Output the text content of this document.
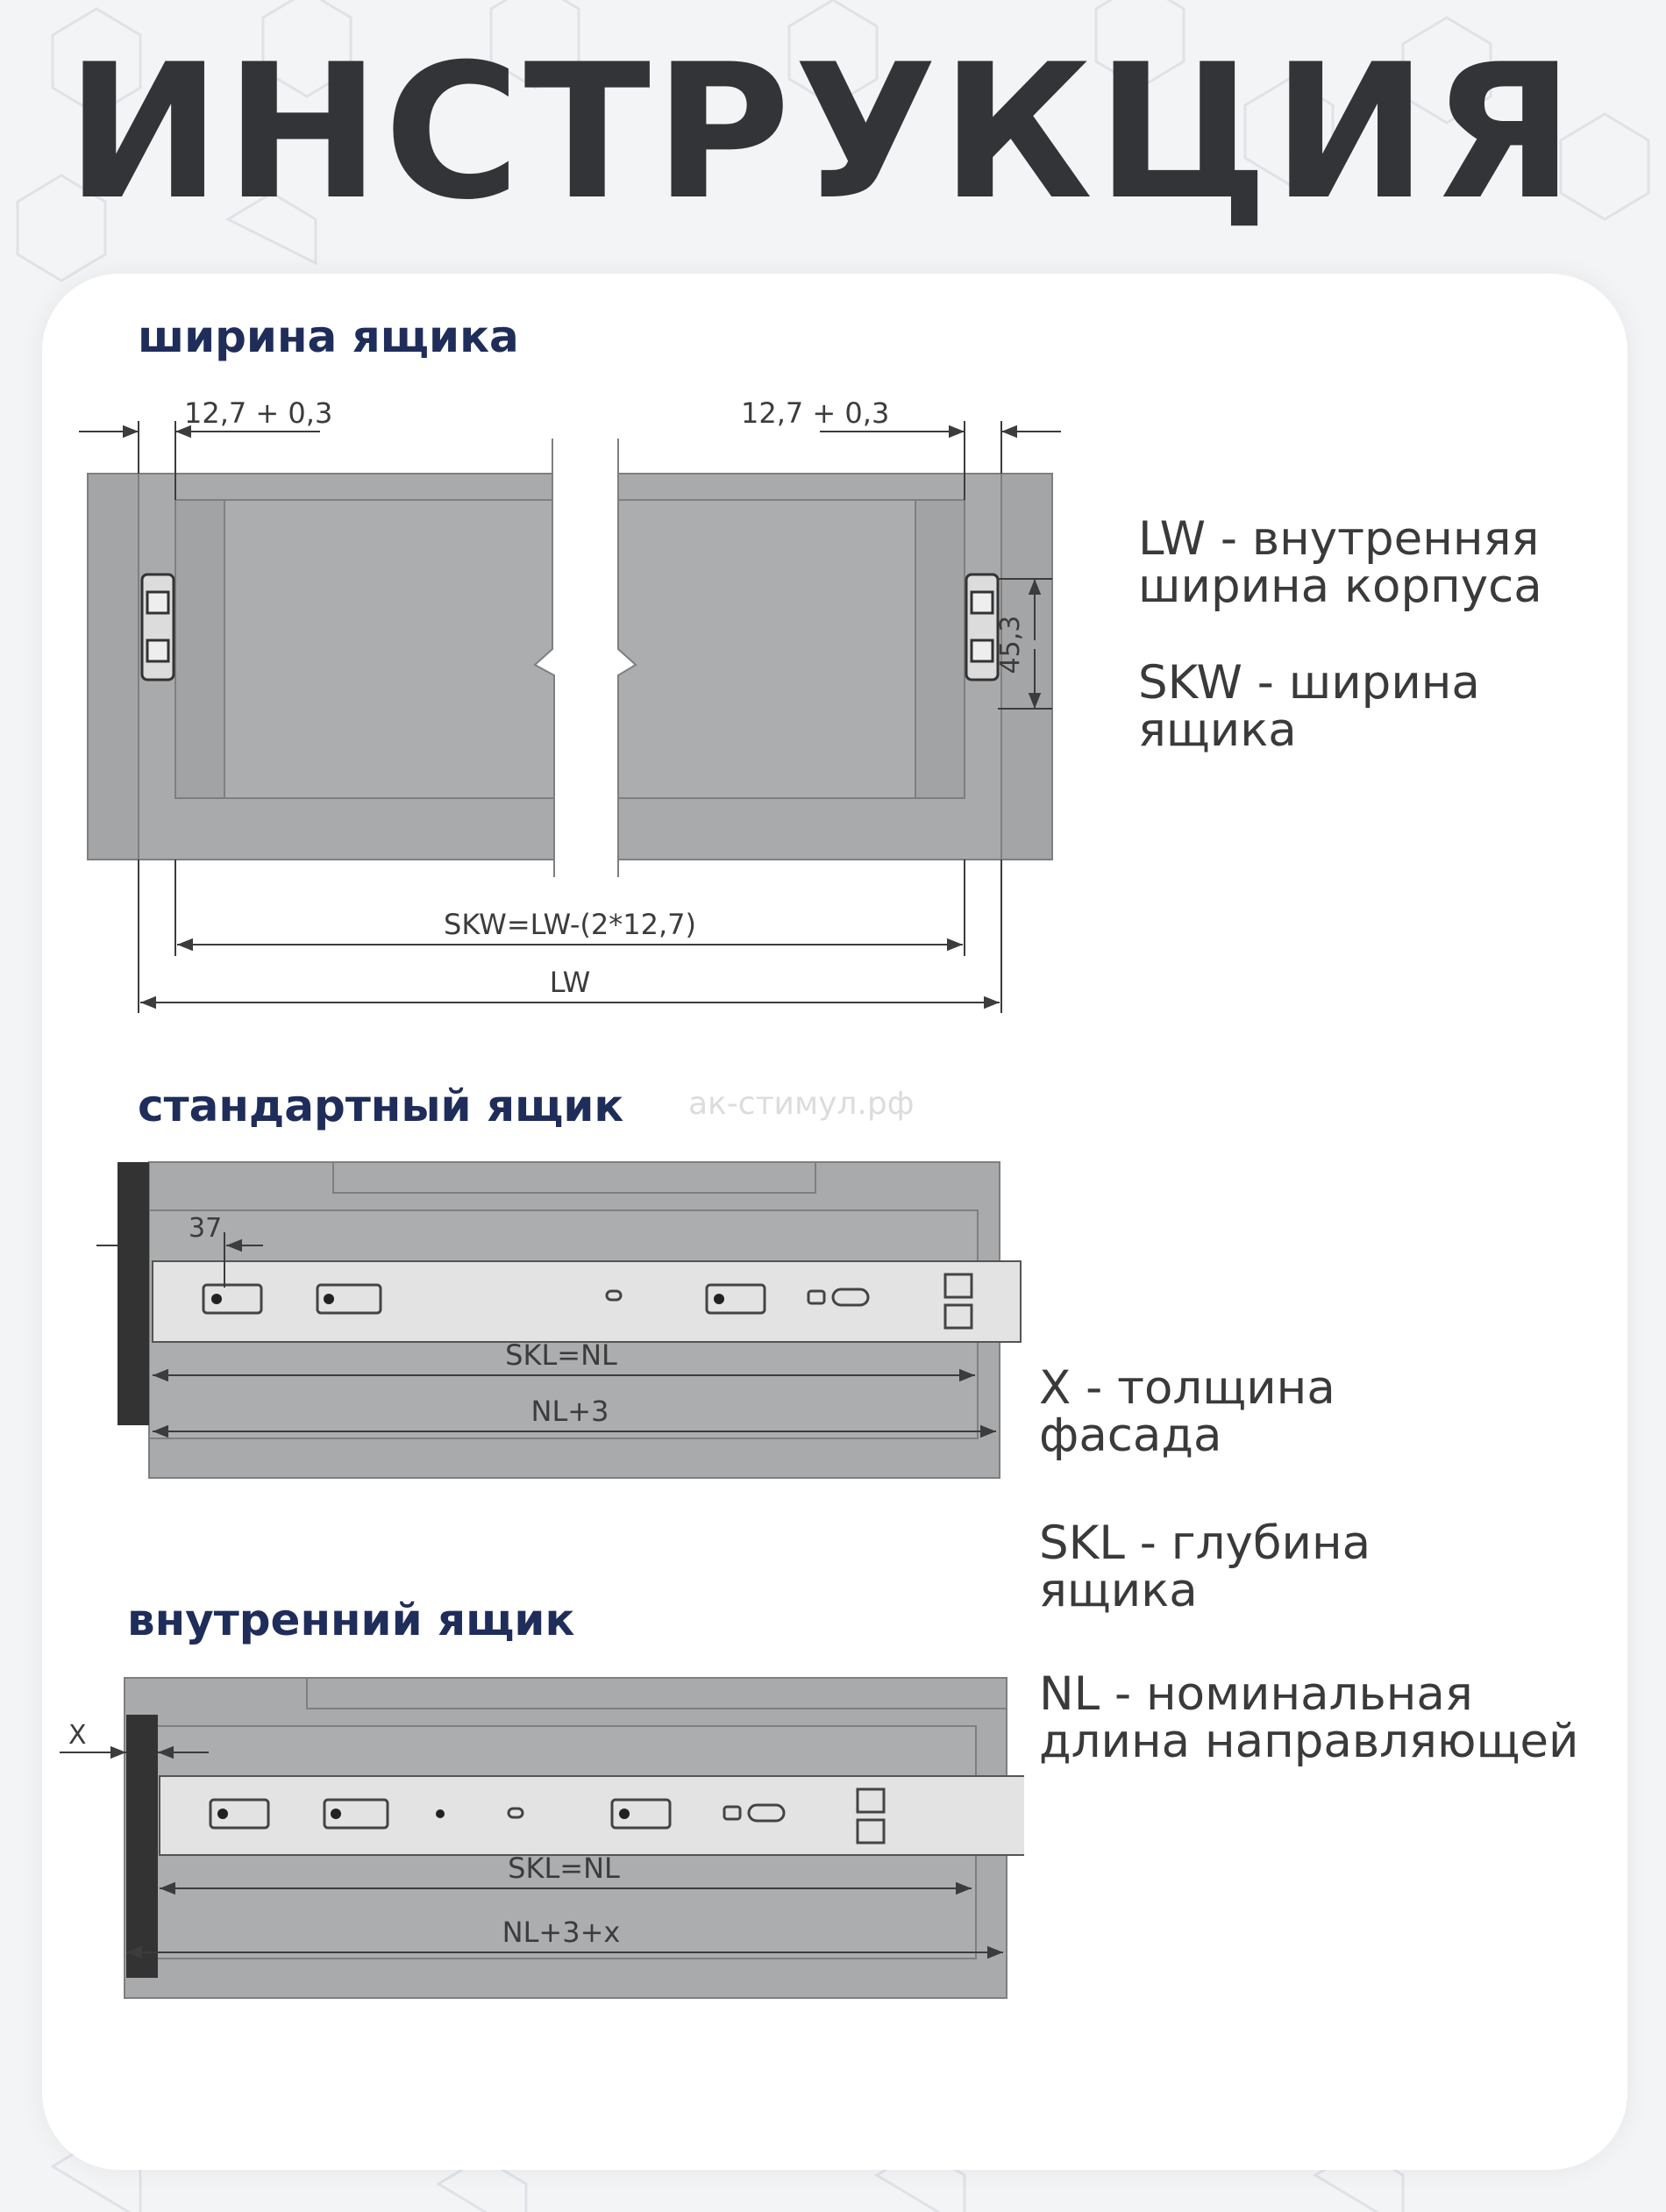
ИНСТРУКЦИЯ
ширина ящика
12,7 + 0,3	12,7 + 0,3
45,3
SKW=LW-(2*12,7)
LW
LW - внутренняя
ширина корпуса
SKW - ширина
ящика
ак-стимул.рф
стандартный ящик
37
SKL=NL
NL+3	X - толщина
фасада
SKL - глубина
ящика
NL - номинальная
длина направляющей
внутренний ящик
X
SKL=NL
NL+3+x
